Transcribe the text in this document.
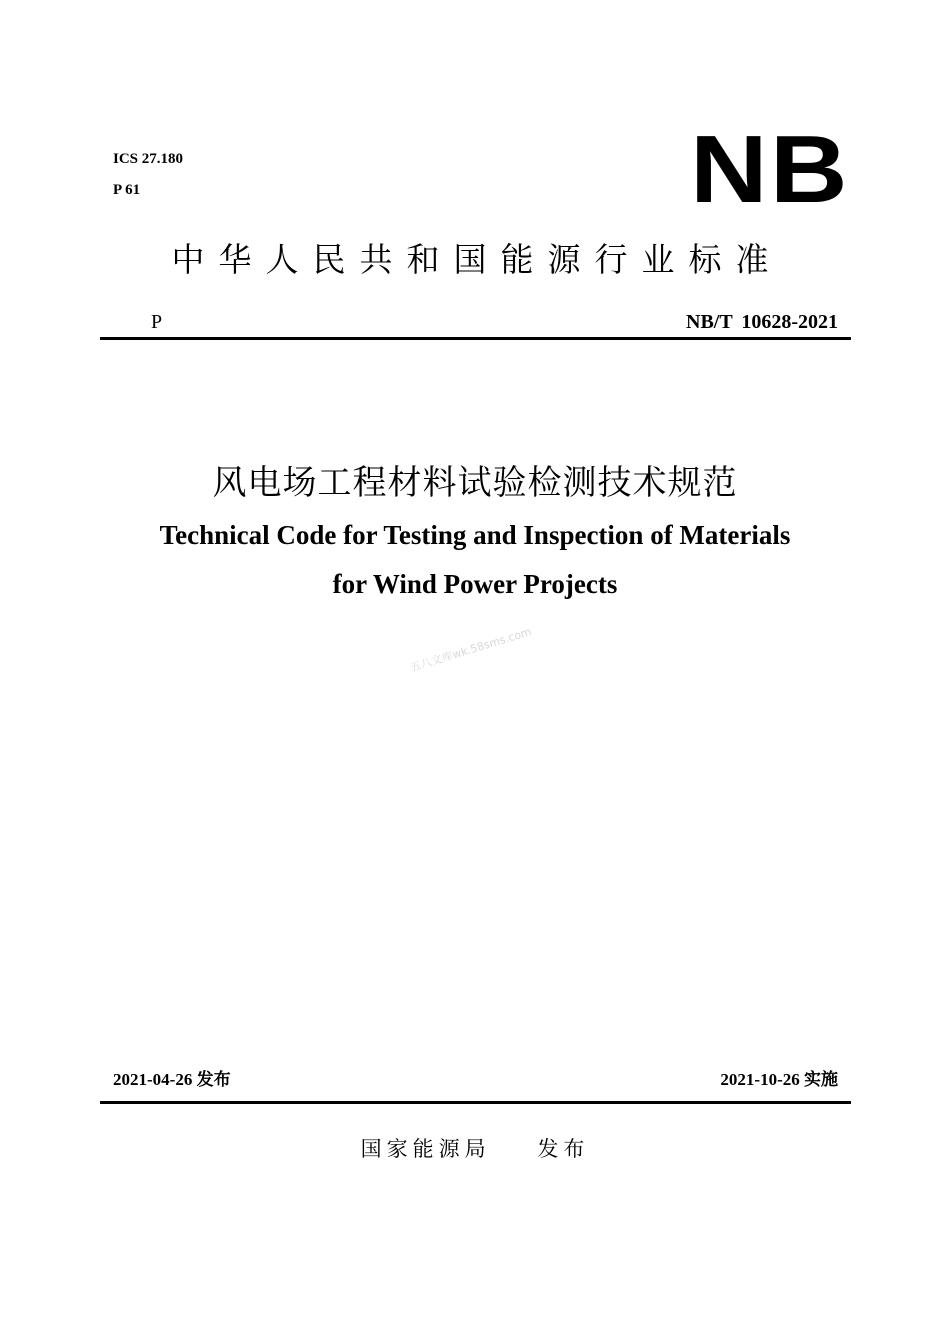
ICS 27.180
P 61	NB
中华人民共和国能源行业标准
P	NB/T 10628-2021
风电场工程材料试验检测技术规范
Technical Code for Testing and Inspection of Materials
for Wind Power Projects
五八文库wk.58sms.com
2021-04-26 发布	2021-10-26 实施
国家能源局    发布
